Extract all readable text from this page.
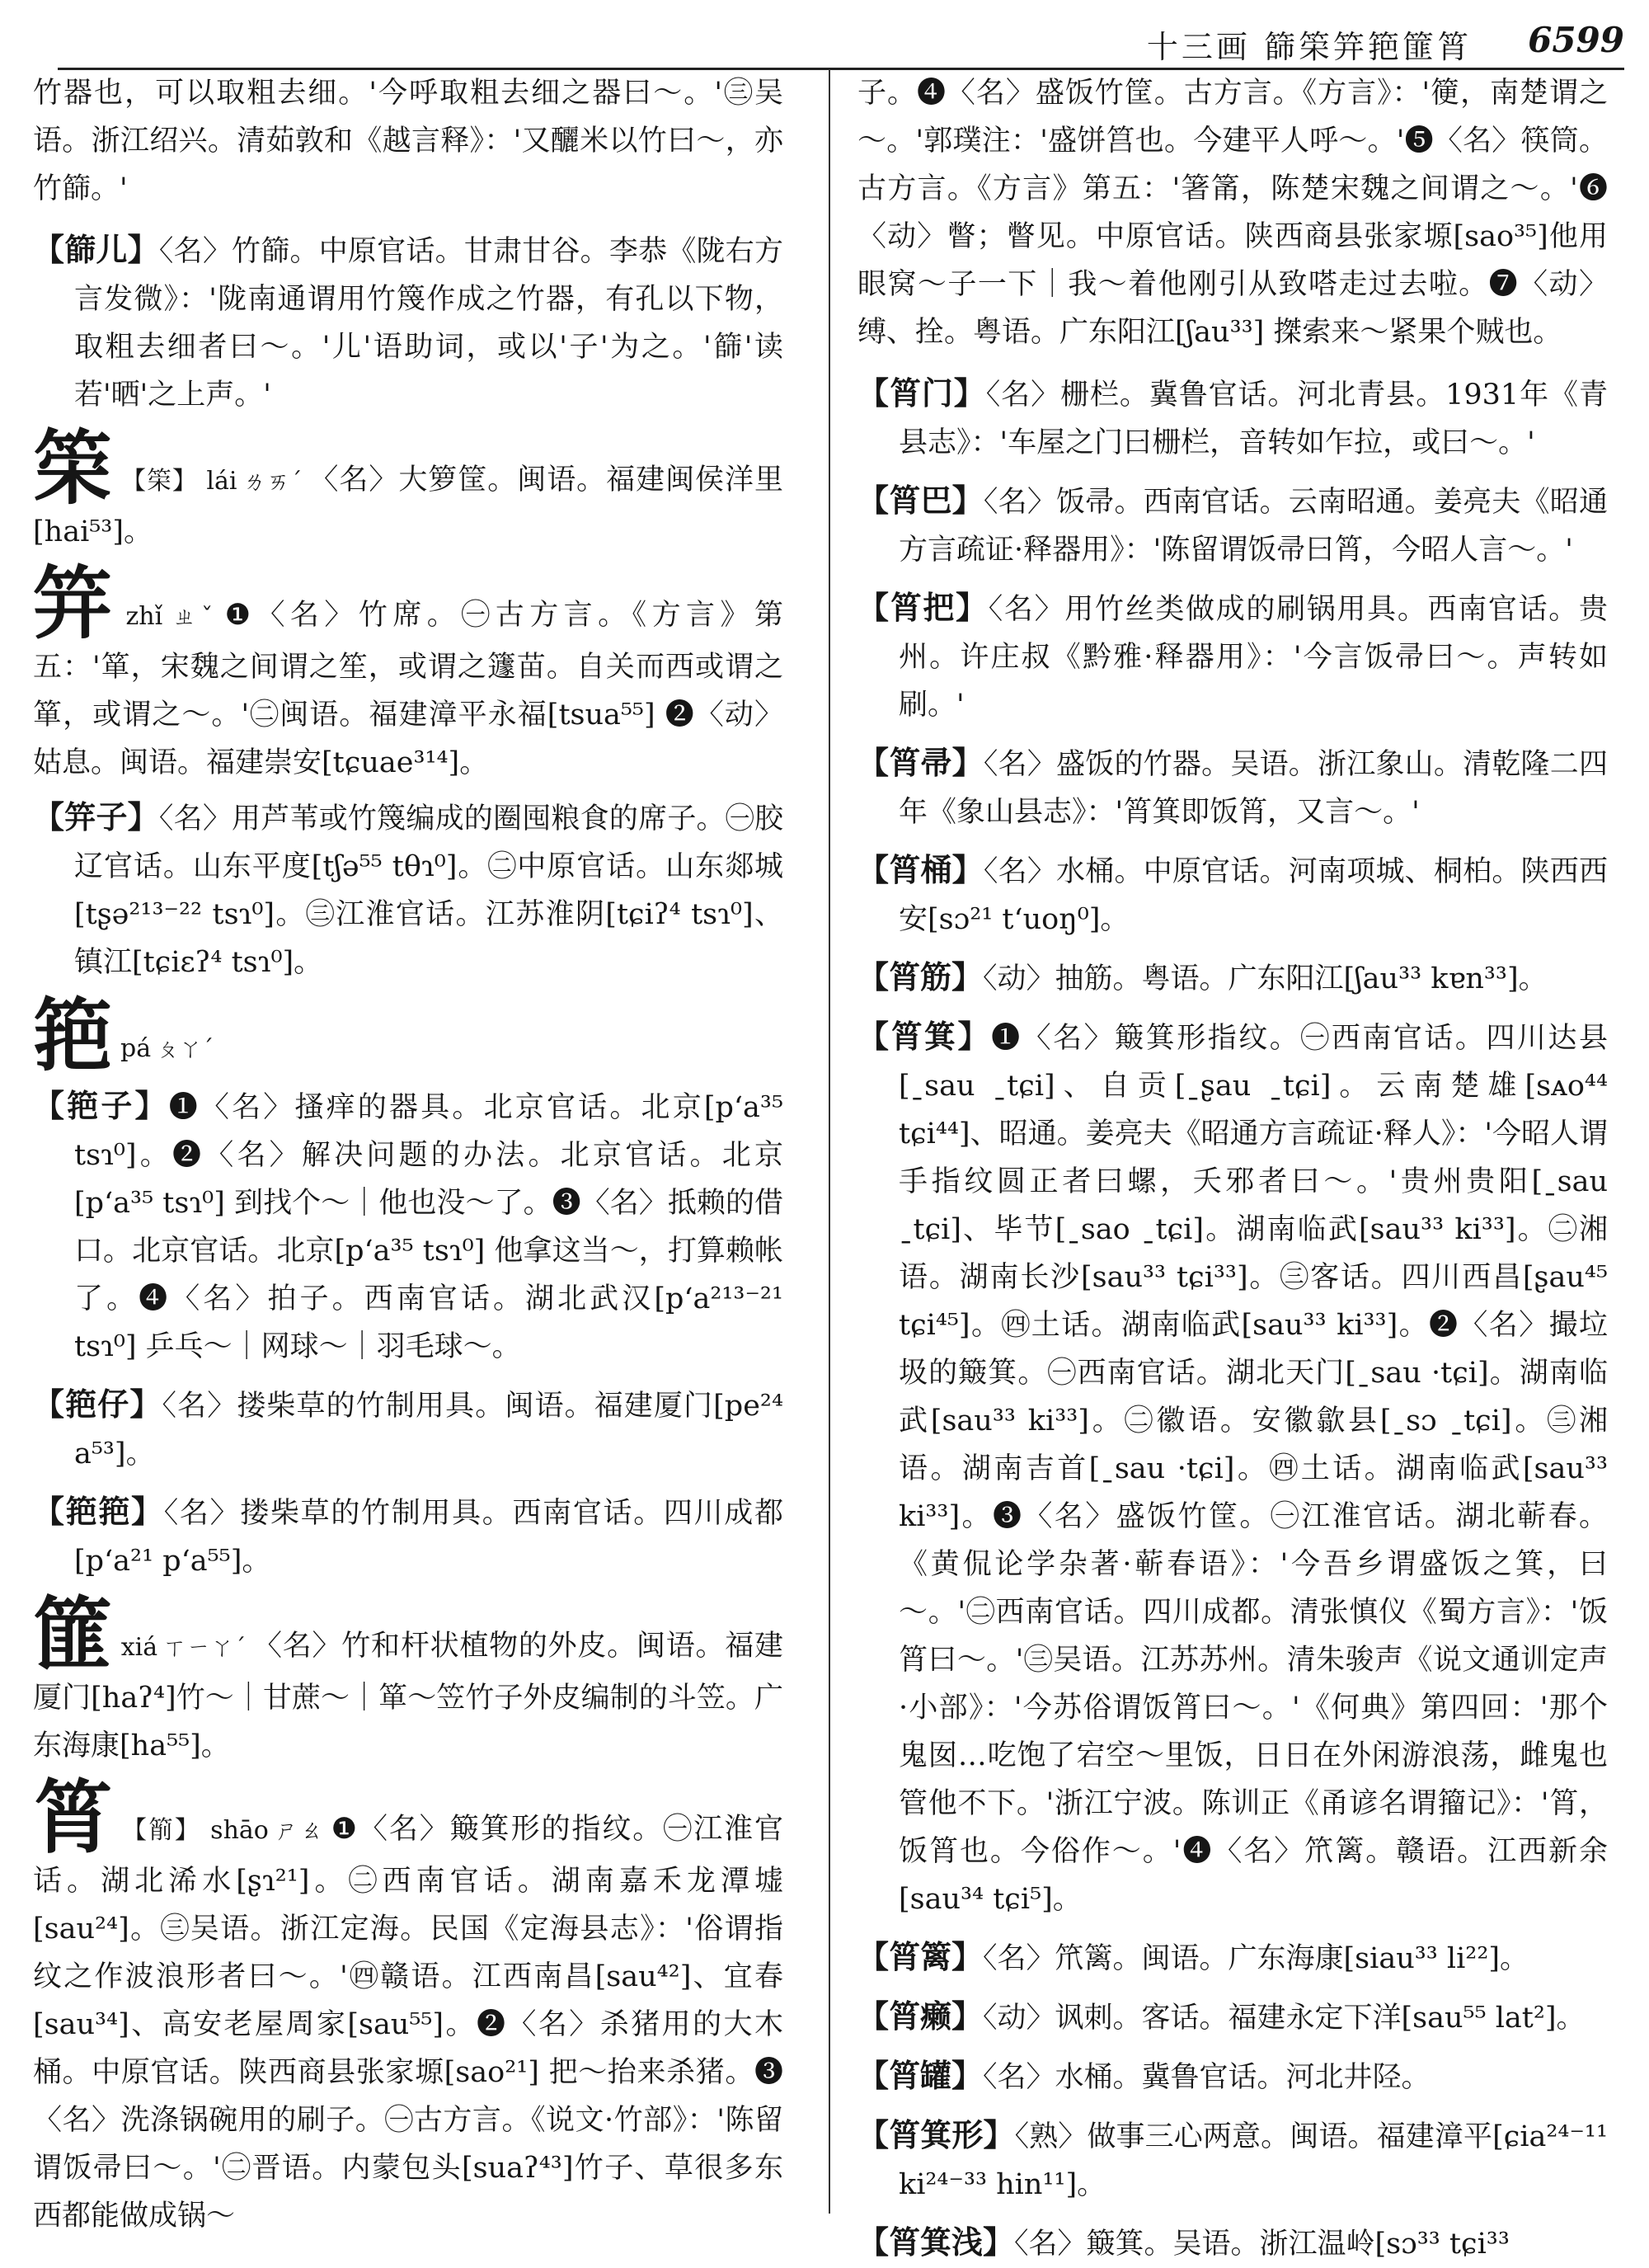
十三画 篩筞笄筢篚筲 6599

竹器也，可以取粗去细。'今呼取粗去细之器曰～。'㊂吴语。浙江绍兴。清茹敦和《越言释》：'又釃米以竹曰～，亦竹篩。'

【篩儿】〈名〉竹篩。中原官话。甘肃甘谷。李恭《陇右方言发微》：'陇南通谓用竹篾作成之竹器，有孔以下物，取粗去细者曰～。'儿'语助词，或以'子'为之。'篩'读若'晒'之上声。'

筞 【筞】 lái ㄌㄞˊ 〈名〉大箩筐。闽语。福建闽侯洋里[hai⁵³]。

笄zhǐ ㄓˇ ❶〈名〉竹席。㊀古方言。《方言》第五：'箪，宋魏之间谓之笙，或谓之籧苗。自关而西或谓之箪，或谓之～。'㊁闽语。福建漳平永福[tsua⁵⁵] ❷〈动〉姑息。闽语。福建崇安[tɕuae³¹⁴]。

【笄子】〈名〉用芦苇或竹篾编成的圈囤粮食的席子。㊀胶辽官话。山东平度[tʃə⁵⁵ tθɿ⁰]。㊁中原官话。山东郯城[tʂə²¹³⁻²² tsɿ⁰]。㊂江淮官话。江苏淮阴[tɕiʔ⁴ tsɿ⁰]、镇江[tɕiɛʔ⁴ tsɿ⁰]。

筢pá ㄆㄚˊ

【筢子】❶〈名〉搔痒的器具。北京官话。北京[pʻa³⁵ tsɿ⁰]。❷〈名〉解决问题的办法。北京官话。北京[pʻa³⁵ tsɿ⁰] 到找个～｜他也没～了。❸〈名〉抵赖的借口。北京官话。北京[pʻa³⁵ tsɿ⁰] 他拿这当～，打算赖帐了。❹〈名〉拍子。西南官话。湖北武汉[pʻa²¹³⁻²¹ tsɿ⁰] 乒乓～｜网球～｜羽毛球～。

【筢仔】〈名〉搂柴草的竹制用具。闽语。福建厦门[pe²⁴ a⁵³]。

【筢筢】〈名〉搂柴草的竹制用具。西南官话。四川成都[pʻa²¹ pʻa⁵⁵]。

篚xiá ㄒㄧㄚˊ 〈名〉竹和杆状植物的外皮。闽语。福建厦门[haʔ⁴]竹～｜甘蔗～｜箪～笠竹子外皮编制的斗笠。广东海康[ha⁵⁵]。

筲 【箾】 shāo ㄕㄠ ❶〈名〉簸箕形的指纹。㊀江淮官话。湖北浠水[ʂɿ²¹]。㊁西南官话。湖南嘉禾龙潭墟[sau²⁴]。㊂吴语。浙江定海。民国《定海县志》：'俗谓指纹之作波浪形者曰～。'㊃赣语。江西南昌[sau⁴²]、宜春[sau³⁴]、高安老屋周家[sau⁵⁵]。❷〈名〉杀猪用的大木桶。中原官话。陕西商县张家塬[sao²¹] 把～抬来杀猪。❸〈名〉洗涤锅碗用的刷子。㊀古方言。《说文·竹部》：'陈留谓饭帚曰～。'㊁晋语。内蒙包头[suaʔ⁴³]竹子、草很多东西都能做成锅～

子。❹〈名〉盛饭竹筐。古方言。《方言》：'箯，南楚谓之～。'郭璞注：'盛饼筥也。今建平人呼～。'❺〈名〉筷筒。古方言。《方言》第五：'箸筩，陈楚宋魏之间谓之～。'❻〈动〉瞥；瞥见。中原官话。陕西商县张家塬[sao³⁵]他用眼窝～子一下｜我～着他刚引从致嗒走过去啦。❼〈动〉缚、拴。粤语。广东阳江[ʃau³³] 搩索来～紧果个贼也。

【筲门】〈名〉栅栏。冀鲁官话。河北青县。1931年《青县志》：'车屋之门曰栅栏，音转如乍拉，或曰～。'

【筲巴】〈名〉饭帚。西南官话。云南昭通。姜亮夫《昭通方言疏证·释器用》：'陈留谓饭帚曰筲，今昭人言～。'

【筲把】〈名〉用竹丝类做成的刷锅用具。西南官话。贵州。许庄叔《黔雅·释器用》：'今言饭帚曰～。声转如刷。'

【筲帚】〈名〉盛饭的竹器。吴语。浙江象山。清乾隆二四年《象山县志》：'筲箕即饭筲，又言～。'

【筲桶】〈名〉水桶。中原官话。河南项城、桐柏。陕西西安[sɔ²¹ tʻuoŋ⁰]。

【筲筋】〈动〉抽筋。粤语。广东阳江[ʃau³³ kɐn³³]。

【筲箕】❶〈名〉簸箕形指纹。㊀西南官话。四川达县[ˍsau ˍtɕi]、自贡[ˍʂau ˍtɕi]。云南楚雄[sᴀo⁴⁴ tɕi⁴⁴]、昭通。姜亮夫《昭通方言疏证·释人》：'今昭人谓手指纹圆正者曰螺，夭邪者曰～。'贵州贵阳[ˍsau ˍtɕi]、毕节[ˍsao ˍtɕi]。湖南临武[sau³³ ki³³]。㊁湘语。湖南长沙[sau³³ tɕi³³]。㊂客话。四川西昌[ʂau⁴⁵ tɕi⁴⁵]。㊃土话。湖南临武[sau³³ ki³³]。❷〈名〉撮垃圾的簸箕。㊀西南官话。湖北天门[ˍsau ·tɕi]。湖南临武[sau³³ ki³³]。㊁徽语。安徽歙县[ˍsɔ ˍtɕi]。㊂湘语。湖南吉首[ˍsau ·tɕi]。㊃土话。湖南临武[sau³³ ki³³]。❸〈名〉盛饭竹筐。㊀江淮官话。湖北蕲春。《黄侃论学杂著·蕲春语》：'今吾乡谓盛饭之箕，曰～。'㊁西南官话。四川成都。清张慎仪《蜀方言》：'饭筲曰～。'㊂吴语。江苏苏州。清朱骏声《说文通训定声·小部》：'今苏俗谓饭筲曰～。'《何典》第四回：'那个鬼囡…吃饱了宕空～里饭，日日在外闲游浪荡，雌鬼也管他不下。'浙江宁波。陈训正《甬谚名谓籀记》：'筲，饭筲也。今俗作～。'❹〈名〉笊篱。赣语。江西新余[sau³⁴ tɕi⁵]。

【筲篱】〈名〉笊篱。闽语。广东海康[siau³³ li²²]。

【筲癞】〈动〉讽刺。客话。福建永定下洋[sau⁵⁵ lat²]。

【筲罐】〈名〉水桶。冀鲁官话。河北井陉。

【筲箕形】〈熟〉做事三心两意。闽语。福建漳平[ɕia²⁴⁻¹¹ ki²⁴⁻³³ hin¹¹]。

【筲箕浅】〈名〉簸箕。吴语。浙江温岭[sɔ³³ tɕi³³
